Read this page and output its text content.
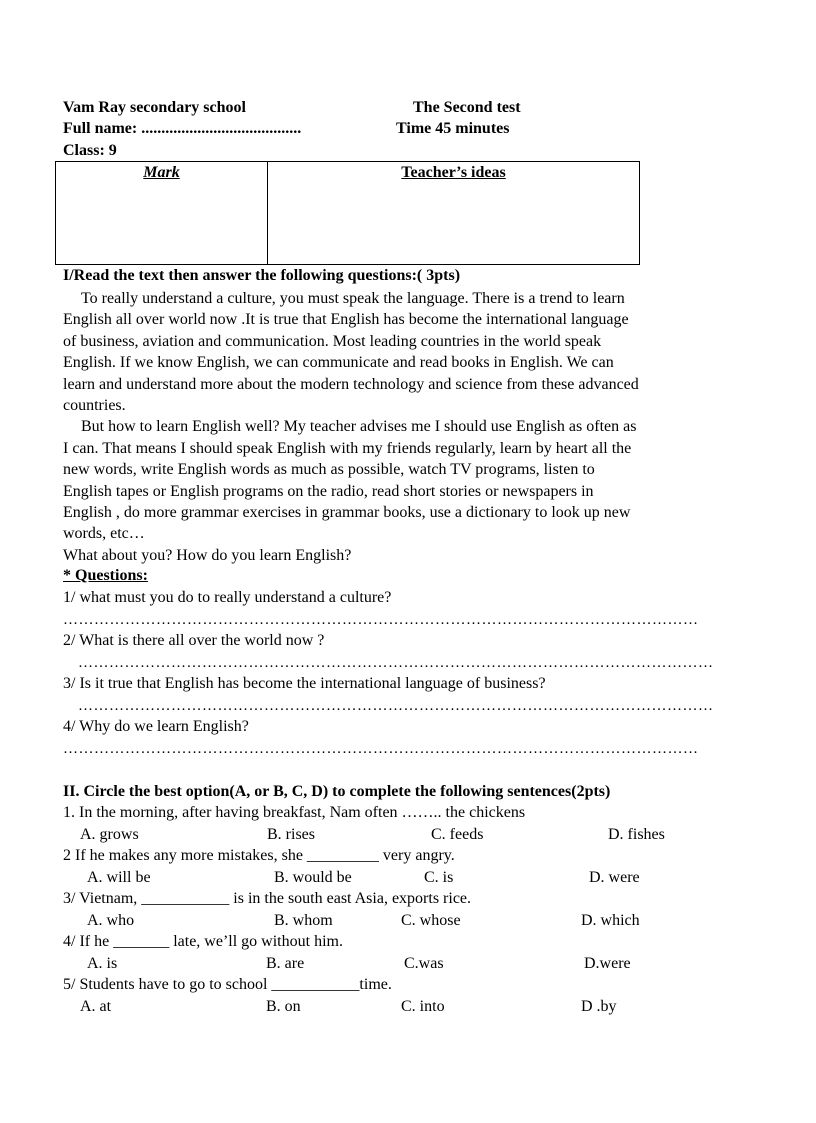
Vam Ray secondary school	The Second test
Full name: ........................................	Time 45 minutes
Class: 9
Mark	Teacher’s ideas
I/Read the text then answer the following questions:( 3pts)
To really understand a culture, you must speak the language. There is a trend to learn
English all over world now .It is true that English has become the international language
of business, aviation and communication. Most leading countries in the world speak
English. If we know English, we can communicate and read books in English. We can
learn and understand more about the modern technology and science from these advanced
countries.
But how to learn English well? My teacher advises me I should use English as often as
I can. That means I should speak English with my friends regularly, learn by heart all the
new words, write English words as much as possible, watch TV programs, listen to
English tapes or English programs on the radio, read short stories or newspapers in
English , do more grammar exercises in grammar books, use a dictionary to look up new
words, etc…
What about you? How do you learn English?
* Questions:
1/ what must you do to really understand a culture?
……………………………………………………………………………………………………………
2/ What is there all over the world now ?
……………………………………………………………………………………………………………
3/ Is it true that English has become the international language of business?
……………………………………………………………………………………………………………
4/ Why do we learn English?
……………………………………………………………………………………………………………
II. Circle the best option(A, or B, C, D) to complete the following sentences(2pts)
1. In the morning, after having breakfast, Nam often …….. the chickens
A. grows	B. rises	C. feeds	D. fishes
2 If he makes any more mistakes, she _________ very angry.
A. will be	B. would be	C. is	D. were
3/ Vietnam, ___________ is in the south east Asia, exports rice.
A. who	B. whom	C. whose	D. which
4/ If he _______ late, we’ll go without him.
A. is	B. are	C.was	D.were
5/ Students have to go to school ___________time.
A. at	B. on	C. into	D .by
